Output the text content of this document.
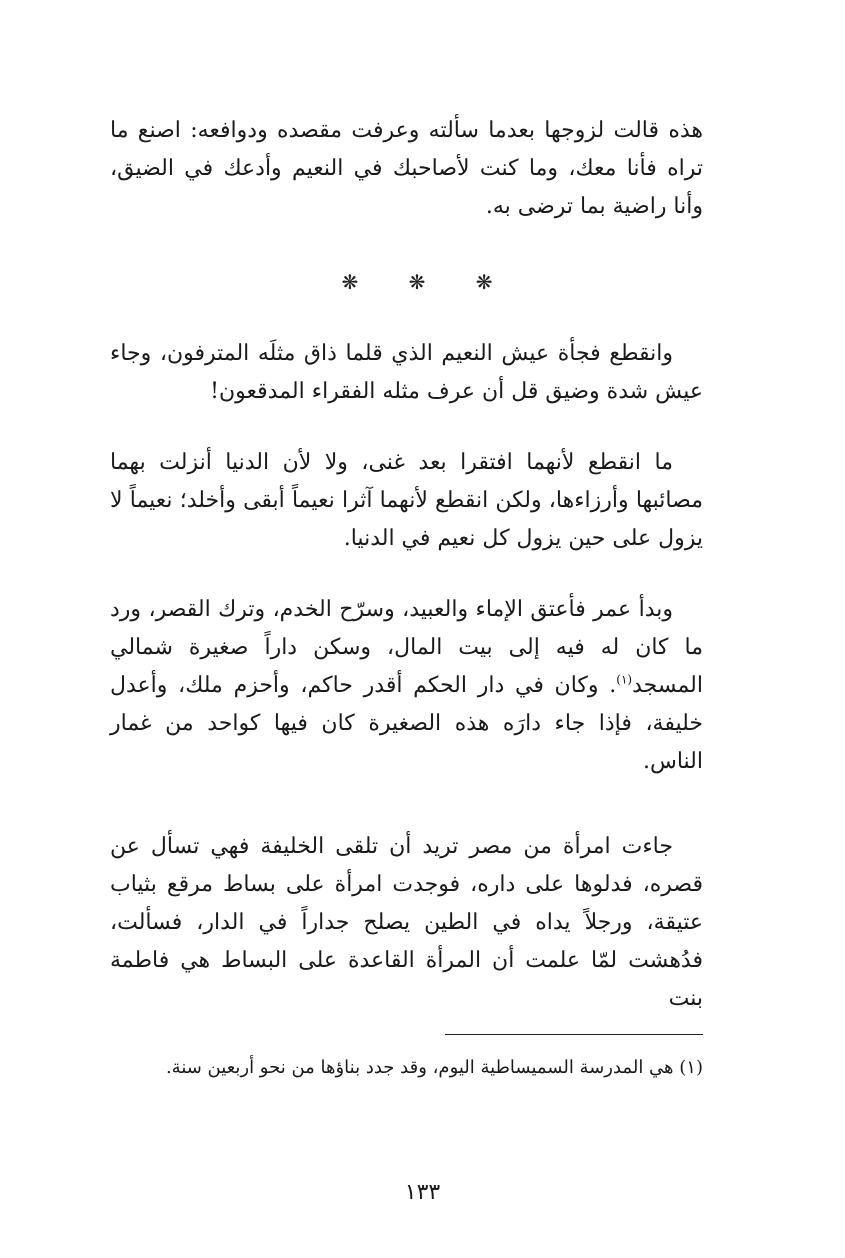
هذه قالت لزوجها بعدما سألته وعرفت مقصده ودوافعه: اصنع ما تراه فأنا معك، وما كنت لأصاحبك في النعيم وأدعك في الضيق، وأنا راضية بما ترضى به.

❋ ❋ ❋

وانقطع فجأة عيش النعيم الذي قلما ذاق مثلَه المترفون، وجاء عيش شدة وضيق قل أن عرف مثله الفقراء المدقعون!

ما انقطع لأنهما افتقرا بعد غنى، ولا لأن الدنيا أنزلت بهما مصائبها وأرزاءها، ولكن انقطع لأنهما آثرا نعيماً أبقى وأخلد؛ نعيماً لا يزول على حين يزول كل نعيم في الدنيا.

وبدأ عمر فأعتق الإماء والعبيد، وسرّح الخدم، وترك القصر، ورد ما كان له فيه إلى بيت المال، وسكن داراً صغيرة شمالي المسجد$^{(١)}$. وكان في دار الحكم أقدر حاكم، وأحزم ملك، وأعدل خليفة، فإذا جاء دارَه هذه الصغيرة كان فيها كواحد من غمار الناس.

جاءت امرأة من مصر تريد أن تلقى الخليفة فهي تسأل عن قصره، فدلوها على داره، فوجدت امرأة على بساط مرقع بثياب عتيقة، ورجلاً يداه في الطين يصلح جداراً في الدار، فسألت، فدُهشت لمّا علمت أن المرأة القاعدة على البساط هي فاطمة بنت

(١) هي المدرسة السميساطية اليوم، وقد جدد بناؤها من نحو أربعين سنة.

١٣٣
